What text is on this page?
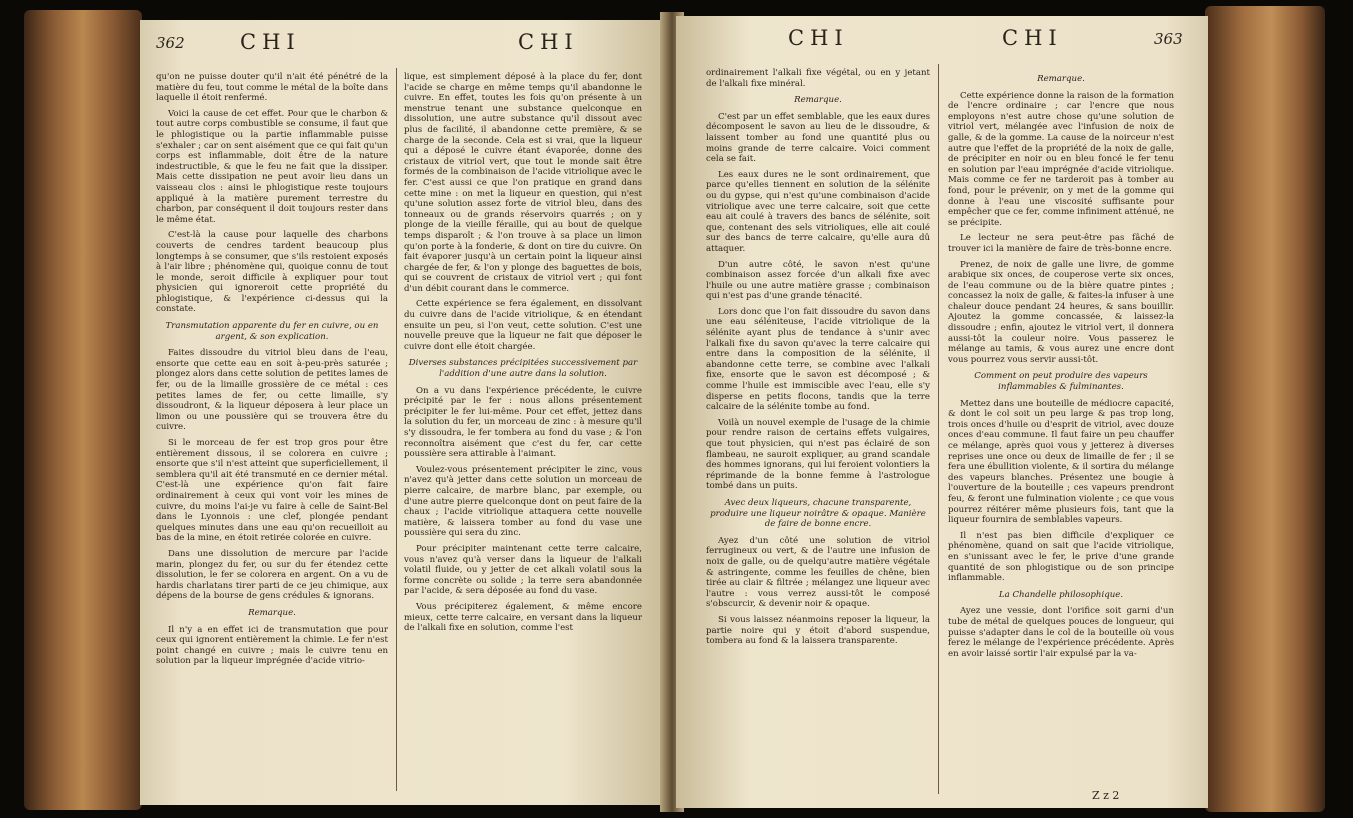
362	CHI	CHI

qu'on ne puisse douter qu'il n'ait été pénétré de la matière du feu, tout comme le métal de la boîte dans laquelle il étoit renfermé.

Voici la cause de cet effet. Pour que le charbon & tout autre corps combustible se consume, il faut que le phlogistique ou la partie inflammable puisse s'exhaler ; car on sent aisément que ce qui fait qu'un corps est inflammable, doit être de la nature indestructible, & que le feu ne fait que la dissiper. Mais cette dissipation ne peut avoir lieu dans un vaisseau clos : ainsi le phlogistique reste toujours appliqué à la matière purement terrestre du charbon, par conséquent il doit toujours rester dans le même état.

C'est-là la cause pour laquelle des charbons couverts de cendres tardent beaucoup plus longtemps à se consumer, que s'ils restoient exposés à l'air libre ; phénomène qui, quoique connu de tout le monde, seroit difficile à expliquer pour tout physicien qui ignoreroit cette propriété du phlogistique, & l'expérience ci-dessus qui la constate.

Transmutation apparente du fer en cuivre, ou en argent, & son explication.

Faites dissoudre du vitriol bleu dans de l'eau, ensorte que cette eau en soit à-peu-près saturée ; plongez alors dans cette solution de petites lames de fer, ou de la limaille grossière de ce métal : ces petites lames de fer, ou cette limaille, s'y dissoudront, & la liqueur déposera à leur place un limon ou une poussière qui se trouvera être du cuivre.

Si le morceau de fer est trop gros pour être entièrement dissous, il se colorera en cuivre ; ensorte que s'il n'est atteint que superficiellement, il semblera qu'il ait été transmuté en ce dernier métal. C'est-là une expérience qu'on fait faire ordinairement à ceux qui vont voir les mines de cuivre, du moins l'ai-je vu faire à celle de Saint-Bel dans le Lyonnois : une clef, plongée pendant quelques minutes dans une eau qu'on recueilloit au bas de la mine, en étoit retirée colorée en cuivre.

Dans une dissolution de mercure par l'acide marin, plongez du fer, ou sur du fer étendez cette dissolution, le fer se colorera en argent. On a vu de hardis charlatans tirer parti de ce jeu chimique, aux dépens de la bourse de gens crédules & ignorans.

Remarque.

Il n'y a en effet ici de transmutation que pour ceux qui ignorent entièrement la chimie. Le fer n'est point changé en cuivre ; mais le cuivre tenu en solution par la liqueur imprégnée d'acide vitrio-

lique, est simplement déposé à la place du fer, dont l'acide se charge en même temps qu'il abandonne le cuivre. En effet, toutes les fois qu'on présente à un menstrue tenant une substance quelconque en dissolution, une autre substance qu'il dissout avec plus de facilité, il abandonne cette première, & se charge de la seconde. Cela est si vrai, que la liqueur qui a déposé le cuivre étant évaporée, donne des cristaux de vitriol vert, que tout le monde sait être formés de la combinaison de l'acide vitriolique avec le fer. C'est aussi ce que l'on pratique en grand dans cette mine : on met la liqueur en question, qui n'est qu'une solution assez forte de vitriol bleu, dans des tonneaux ou de grands réservoirs quarrés ; on y plonge de la vieille féraille, qui au bout de quelque temps disparoît ; & l'on trouve à sa place un limon qu'on porte à la fonderie, & dont on tire du cuivre. On fait évaporer jusqu'à un certain point la liqueur ainsi chargée de fer, & l'on y plonge des baguettes de bois, qui se couvrent de cristaux de vitriol vert ; qui font d'un débit courant dans le commerce.

Cette expérience se fera également, en dissolvant du cuivre dans de l'acide vitriolique, & en étendant ensuite un peu, si l'on veut, cette solution. C'est une nouvelle preuve que la liqueur ne fait que déposer le cuivre dont elle étoit chargée.

Diverses substances précipitées successivement par l'addition d'une autre dans la solution.

On a vu dans l'expérience précédente, le cuivre précipité par le fer : nous allons présentement précipiter le fer lui-même. Pour cet effet, jettez dans la solution du fer, un morceau de zinc : à mesure qu'il s'y dissoudra, le fer tombera au fond du vase ; & l'on reconnoîtra aisément que c'est du fer, car cette poussière sera attirable à l'aimant.

Voulez-vous présentement précipiter le zinc, vous n'avez qu'à jetter dans cette solution un morceau de pierre calcaire, de marbre blanc, par exemple, ou d'une autre pierre quelconque dont on peut faire de la chaux ; l'acide vitriolique attaquera cette nouvelle matière, & laissera tomber au fond du vase une poussière qui sera du zinc.

Pour précipiter maintenant cette terre calcaire, vous n'avez qu'à verser dans la liqueur de l'alkali volatil fluide, ou y jetter de cet alkali volatil sous la forme concrète ou solide ; la terre sera abandonnée par l'acide, & sera déposée au fond du vase.

Vous précipiterez également, & même encore mieux, cette terre calcaire, en versant dans la liqueur de l'alkali fixe en solution, comme l'est

CHI	CHI	363

ordinairement l'alkali fixe végétal, ou en y jetant de l'alkali fixe minéral.

Remarque.

C'est par un effet semblable, que les eaux dures décomposent le savon au lieu de le dissoudre, & laissent tomber au fond une quantité plus ou moins grande de terre calcaire. Voici comment cela se fait.

Les eaux dures ne le sont ordinairement, que parce qu'elles tiennent en solution de la sélénite ou du gypse, qui n'est qu'une combinaison d'acide vitriolique avec une terre calcaire, soit que cette eau ait coulé à travers des bancs de sélénite, soit que, contenant des sels vitrioliques, elle ait coulé sur des bancs de terre calcaire, qu'elle aura dû attaquer.

D'un autre côté, le savon n'est qu'une combinaison assez forcée d'un alkali fixe avec l'huile ou une autre matière grasse ; combinaison qui n'est pas d'une grande ténacité.

Lors donc que l'on fait dissoudre du savon dans une eau séléniteuse, l'acide vitriolique de la sélénite ayant plus de tendance à s'unir avec l'alkali fixe du savon qu'avec la terre calcaire qui entre dans la composition de la sélénite, il abandonne cette terre, se combine avec l'alkali fixe, ensorte que le savon est décomposé ; & comme l'huile est immiscible avec l'eau, elle s'y disperse en petits flocons, tandis que la terre calcaire de la sélénite tombe au fond.

Voilà un nouvel exemple de l'usage de la chimie pour rendre raison de certains effets vulgaires, que tout physicien, qui n'est pas éclairé de son flambeau, ne sauroit expliquer, au grand scandale des hommes ignorans, qui lui feroient volontiers la réprimande de la bonne femme à l'astrologue tombé dans un puits.

Avec deux liqueurs, chacune transparente, produire une liqueur noirâtre & opaque. Manière de faire de bonne encre.

Ayez d'un côté une solution de vitriol ferrugineux ou vert, & de l'autre une infusion de noix de galle, ou de quelqu'autre matière végétale & astringente, comme les feuilles de chêne, bien tirée au clair & filtrée ; mélangez une liqueur avec l'autre : vous verrez aussi-tôt le composé s'obscurcir, & devenir noir & opaque.

Si vous laissez néanmoins reposer la liqueur, la partie noire qui y étoit d'abord suspendue, tombera au fond & la laissera transparente.

Remarque.

Cette expérience donne la raison de la formation de l'encre ordinaire ; car l'encre que nous employons n'est autre chose qu'une solution de vitriol vert, mélangée avec l'infusion de noix de galle, & de la gomme. La cause de la noirceur n'est autre que l'effet de la propriété de la noix de galle, de précipiter en noir ou en bleu foncé le fer tenu en solution par l'eau imprégnée d'acide vitriolique. Mais comme ce fer ne tarderoit pas à tomber au fond, pour le prévenir, on y met de la gomme qui donne à l'eau une viscosité suffisante pour empêcher que ce fer, comme infiniment atténué, ne se précipite.

Le lecteur ne sera peut-être pas fâché de trouver ici la manière de faire de très-bonne encre.

Prenez, de noix de galle une livre, de gomme arabique six onces, de couperose verte six onces, de l'eau commune ou de la bière quatre pintes ; concassez la noix de galle, & faites-la infuser à une chaleur douce pendant 24 heures, & sans bouillir. Ajoutez la gomme concassée, & laissez-la dissoudre ; enfin, ajoutez le vitriol vert, il donnera aussi-tôt la couleur noire. Vous passerez le mélange au tamis, & vous aurez une encre dont vous pourrez vous servir aussi-tôt.

Comment on peut produire des vapeurs inflammables & fulminantes.

Mettez dans une bouteille de médiocre capacité, & dont le col soit un peu large & pas trop long, trois onces d'huile ou d'esprit de vitriol, avec douze onces d'eau commune. Il faut faire un peu chauffer ce mélange, après quoi vous y jetterez à diverses reprises une once ou deux de limaille de fer ; il se fera une ébullition violente, & il sortira du mélange des vapeurs blanches. Présentez une bougie à l'ouverture de la bouteille ; ces vapeurs prendront feu, & feront une fulmination violente ; ce que vous pourrez réitérer même plusieurs fois, tant que la liqueur fournira de semblables vapeurs.

Il n'est pas bien difficile d'expliquer ce phénomène, quand on sait que l'acide vitriolique, en s'unissant avec le fer, le prive d'une grande quantité de son phlogistique ou de son principe inflammable.

La Chandelle philosophique.

Ayez une vessie, dont l'orifice soit garni d'un tube de métal de quelques pouces de longueur, qui puisse s'adapter dans le col de la bouteille où vous ferez le mélange de l'expérience précédente. Après en avoir laissé sortir l'air expulsé par la va-

Z z 2
